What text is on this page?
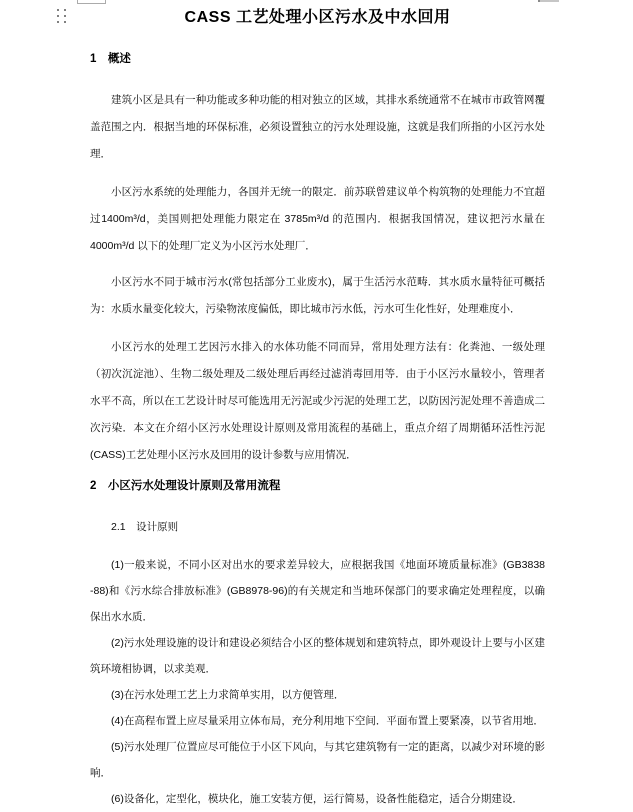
CASS 工艺处理小区污水及中水回用
1　概述

建筑小区是具有一种功能或多种功能的相对独立的区域，其排水系统通常不在城市市政管网覆盖范围之内．根据当地的环保标准，必须设置独立的污水处理设施，这就是我们所指的小区污水处理．

小区污水系统的处理能力，各国并无统一的限定．前苏联曾建议单个构筑物的处理能力不宜超过1400m³/d，美国则把处理能力限定在 3785m³/d 的范围内．根据我国情况，建议把污水量在 4000m³/d 以下的处理厂定义为小区污水处理厂．

小区污水不同于城市污水(常包括部分工业废水)，属于生活污水范畴．其水质水量特征可概括为：水质水量变化较大，污染物浓度偏低，即比城市污水低，污水可生化性好，处理难度小．

小区污水的处理工艺因污水排入的水体功能不同而异，常用处理方法有：化粪池、一级处理（初次沉淀池）、生物二级处理及二级处理后再经过滤消毒回用等．由于小区污水量较小，管理者水平不高，所以在工艺设计时尽可能选用无污泥或少污泥的处理工艺，以防因污泥处理不善造成二次污染．本文在介绍小区污水处理设计原则及常用流程的基础上，重点介绍了周期循环活性污泥(CASS)工艺处理小区污水及回用的设计参数与应用情况．

2　小区污水处理设计原则及常用流程
2.1　设计原则

(1)一般来说，不同小区对出水的要求差异较大，应根据我国《地面环境质量标准》(GB3838 -88)和《污水综合排放标准》(GB8978-96)的有关规定和当地环保部门的要求确定处理程度，以确保出水水质．

(2)污水处理设施的设计和建设必须结合小区的整体规划和建筑特点，即外观设计上要与小区建筑环境相协调，以求美观．

(3)在污水处理工艺上力求简单实用，以方便管理．

(4)在高程布置上应尽量采用立体布局，充分利用地下空间．平面布置上要紧凑，以节省用地．

(5)污水处理厂位置应尽可能位于小区下风向，与其它建筑物有一定的距离，以减少对环境的影响．

(6)设备化，定型化，模块化，施工安装方便，运行简易，设备性能稳定，适合分期建设．
